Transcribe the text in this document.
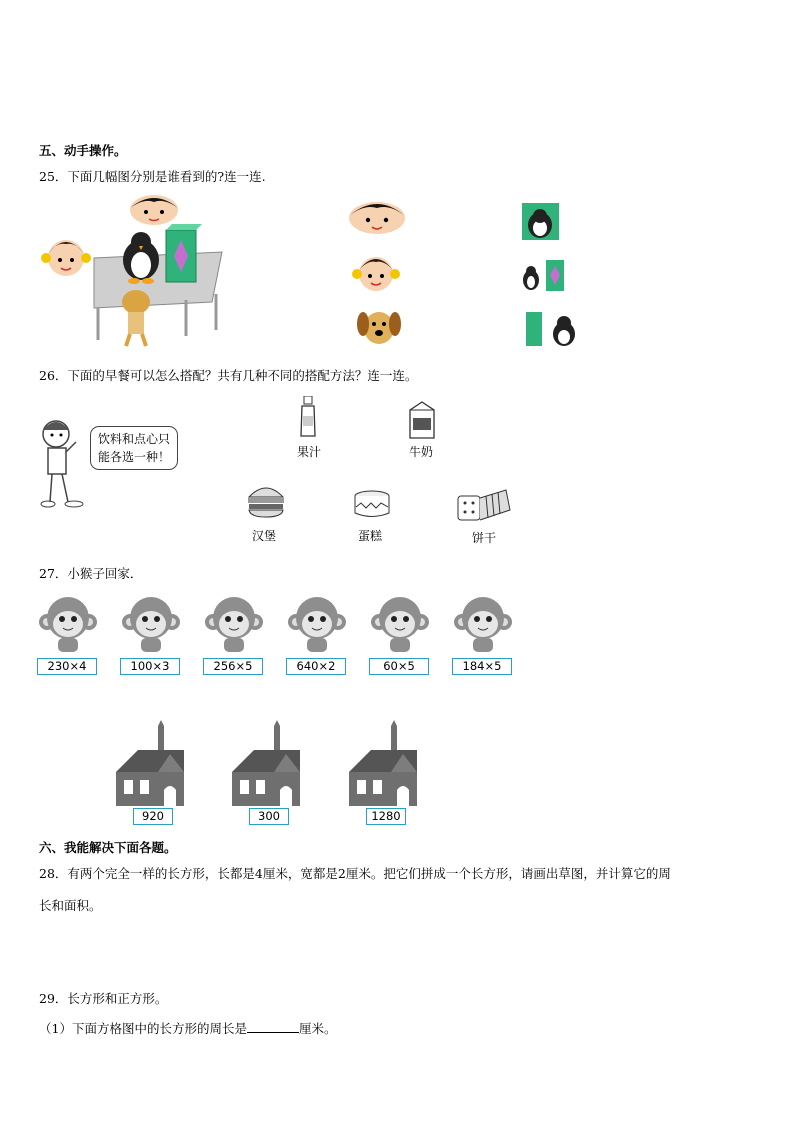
五、动手操作。
25．下面几幅图分别是谁看到的?连一连.
26．下面的早餐可以怎么搭配？共有几种不同的搭配方法？连一连。
饮料和点心只
能各选一种！	果汁	牛奶
汉堡	蛋糕	饼干
27．小猴子回家．
230×4	100×3	256×5	640×2	60×5	184×5
920	300	1280
六、我能解决下面各题。
28．有两个完全一样的长方形，长都是4厘米，宽都是2厘米。把它们拼成一个长方形，请画出草图，并计算它的周
长和面积。
29．长方形和正方形。
（1）下面方格图中的长方形的周长是	厘米。
